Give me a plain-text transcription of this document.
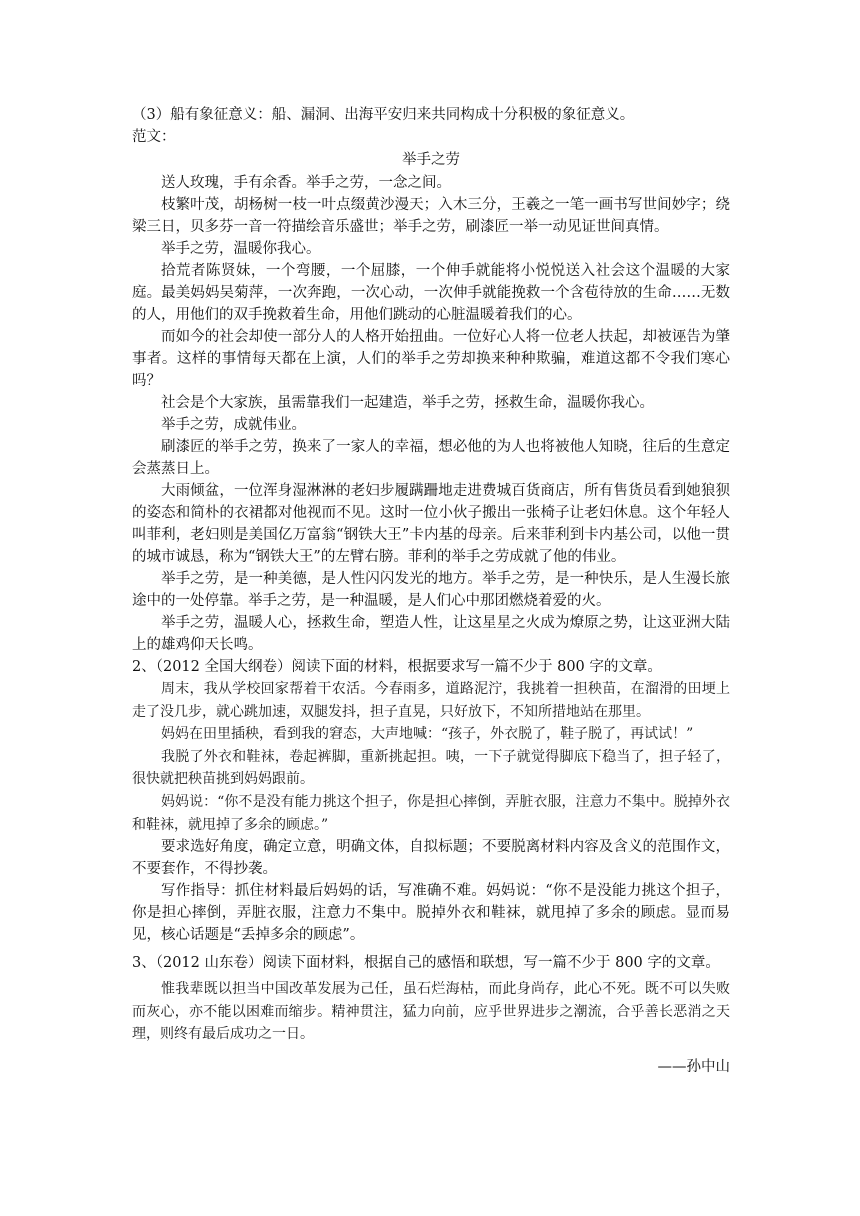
（3）船有象征意义：船、漏洞、出海平安归来共同构成十分积极的象征意义。

范文：

举手之劳

送人玫瑰，手有余香。举手之劳，一念之间。

枝繁叶茂，胡杨树一枝一叶点缀黄沙漫天；入木三分，王羲之一笔一画书写世间妙字；绕梁三日，贝多芬一音一符描绘音乐盛世；举手之劳，刷漆匠一举一动见证世间真情。

举手之劳，温暖你我心。

拾荒者陈贤妹，一个弯腰，一个屈膝，一个伸手就能将小悦悦送入社会这个温暖的大家庭。最美妈妈吴菊萍，一次奔跑，一次心动，一次伸手就能挽救一个含苞待放的生命……无数的人，用他们的双手挽救着生命，用他们跳动的心脏温暖着我们的心。

而如今的社会却使一部分人的人格开始扭曲。一位好心人将一位老人扶起，却被诬告为肇事者。这样的事情每天都在上演，人们的举手之劳却换来种种欺骗，难道这都不令我们寒心吗？

社会是个大家族，虽需靠我们一起建造，举手之劳，拯救生命，温暖你我心。

举手之劳，成就伟业。

刷漆匠的举手之劳，换来了一家人的幸福，想必他的为人也将被他人知晓，往后的生意定会蒸蒸日上。

大雨倾盆，一位浑身湿淋淋的老妇步履蹒跚地走进费城百货商店，所有售货员看到她狼狈的姿态和简朴的衣裙都对他视而不见。这时一位小伙子搬出一张椅子让老妇休息。这个年轻人叫菲利，老妇则是美国亿万富翁“钢铁大王”卡内基的母亲。后来菲利到卡内基公司，以他一贯的城市诚恳，称为“钢铁大王”的左臂右膀。菲利的举手之劳成就了他的伟业。

举手之劳，是一种美德，是人性闪闪发光的地方。举手之劳，是一种快乐，是人生漫长旅途中的一处停靠。举手之劳，是一种温暖，是人们心中那团燃烧着爱的火。

举手之劳，温暖人心，拯救生命，塑造人性，让这星星之火成为燎原之势，让这亚洲大陆上的雄鸡仰天长鸣。

2、（2012 全国大纲卷）阅读下面的材料，根据要求写一篇不少于 800 字的文章。

周末，我从学校回家帮着干农活。今春雨多，道路泥泞，我挑着一担秧苗，在溜滑的田埂上走了没几步，就心跳加速，双腿发抖，担子直晃，只好放下，不知所措地站在那里。

妈妈在田里插秧，看到我的窘态，大声地喊：“孩子，外衣脱了，鞋子脱了，再试试！”

我脱了外衣和鞋袜，卷起裤脚，重新挑起担。咦，一下子就觉得脚底下稳当了，担子轻了，很快就把秧苗挑到妈妈跟前。

妈妈说：“你不是没有能力挑这个担子，你是担心摔倒，弄脏衣服，注意力不集中。脱掉外衣和鞋袜，就甩掉了多余的顾虑。”

要求选好角度，确定立意，明确文体，自拟标题；不要脱离材料内容及含义的范围作文，不要套作，不得抄袭。

写作指导：抓住材料最后妈妈的话，写准确不难。妈妈说：“你不是没能力挑这个担子，你是担心摔倒，弄脏衣服，注意力不集中。脱掉外衣和鞋袜，就甩掉了多余的顾虑。显而易见，核心话题是“丢掉多余的顾虑”。

3、（2012 山东卷）阅读下面材料，根据自己的感悟和联想，写一篇不少于 800 字的文章。

惟我辈既以担当中国改革发展为己任，虽石烂海枯，而此身尚存，此心不死。既不可以失败而灰心，亦不能以困难而缩步。精神贯注，猛力向前，应乎世界进步之潮流，合乎善长恶消之天理，则终有最后成功之一日。

——孙中山
